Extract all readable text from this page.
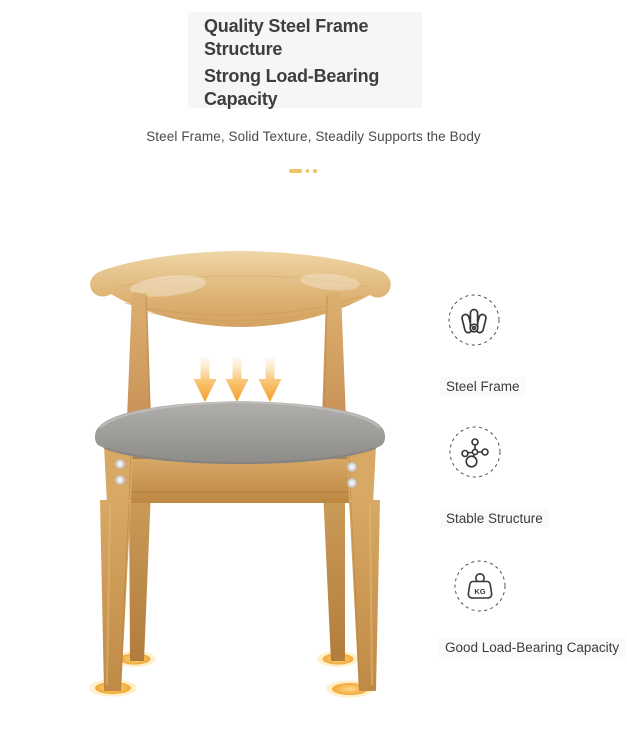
Quality Steel Frame Structure
Strong Load-Bearing Capacity
Steel Frame, Solid Texture, Steadily Supports the Body
Steel Frame
Stable Structure
KG
Good Load-Bearing Capacity
